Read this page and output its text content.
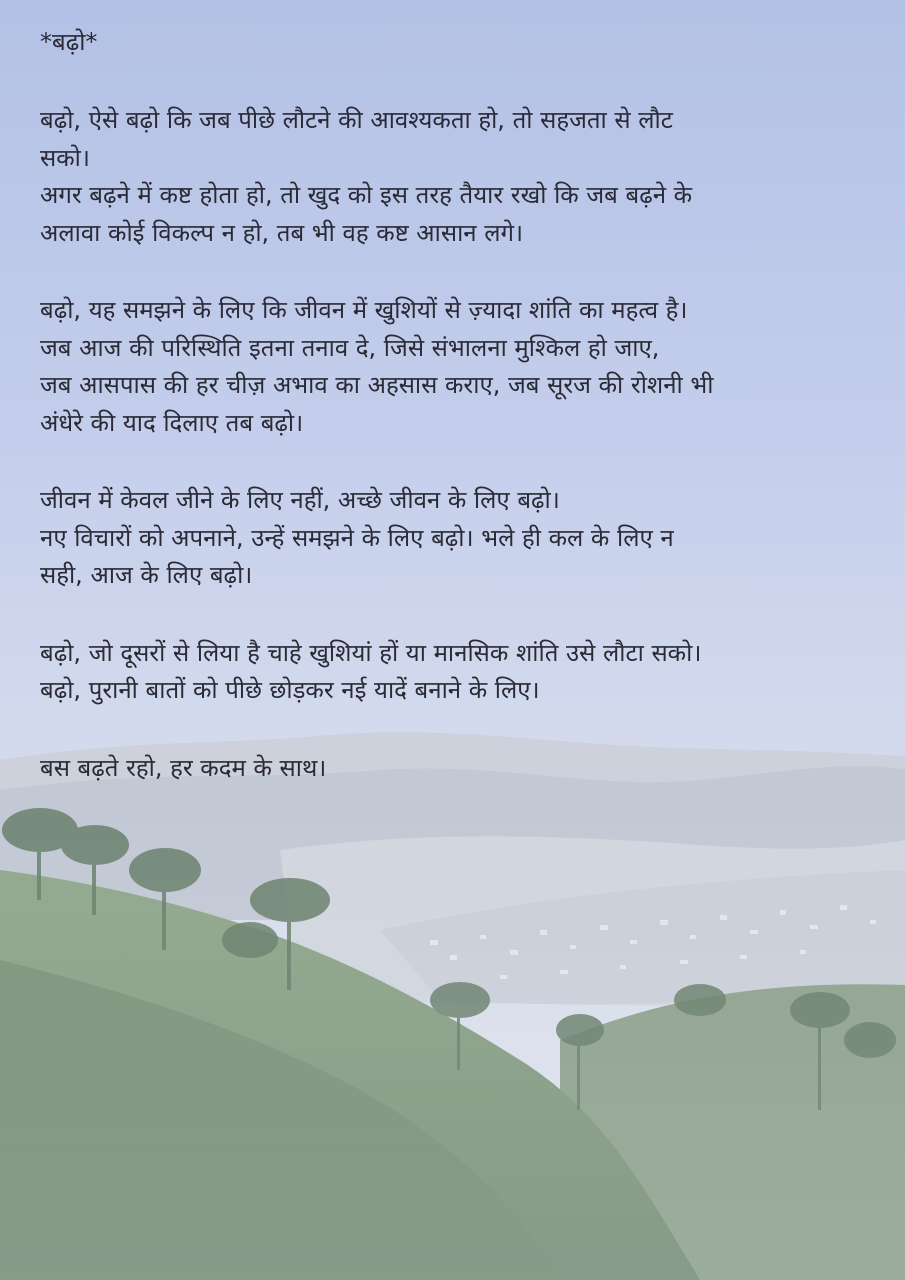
*बढ़ो*
बढ़ो, ऐसे बढ़ो कि जब पीछे लौटने की आवश्यकता हो, तो सहजता से लौट
सको।
अगर बढ़ने में कष्ट होता हो, तो खुद को इस तरह तैयार रखो कि जब बढ़ने के
अलावा कोई विकल्प न हो, तब भी वह कष्ट आसान लगे।
बढ़ो, यह समझने के लिए कि जीवन में खुशियों से ज़्यादा शांति का महत्व है।
जब आज की परिस्थिति इतना तनाव दे, जिसे संभालना मुश्किल हो जाए,
जब आसपास की हर चीज़ अभाव का अहसास कराए, जब सूरज की रोशनी भी
अंधेरे की याद दिलाए तब बढ़ो।
जीवन में केवल जीने के लिए नहीं, अच्छे जीवन के लिए बढ़ो।
नए विचारों को अपनाने, उन्हें समझने के लिए बढ़ो। भले ही कल के लिए न
सही, आज के लिए बढ़ो।
बढ़ो, जो दूसरों से लिया है चाहे खुशियां हों या मानसिक शांति उसे लौटा सको।
बढ़ो, पुरानी बातों को पीछे छोड़कर नई यादें बनाने के लिए।
बस बढ़ते रहो, हर कदम के साथ।
